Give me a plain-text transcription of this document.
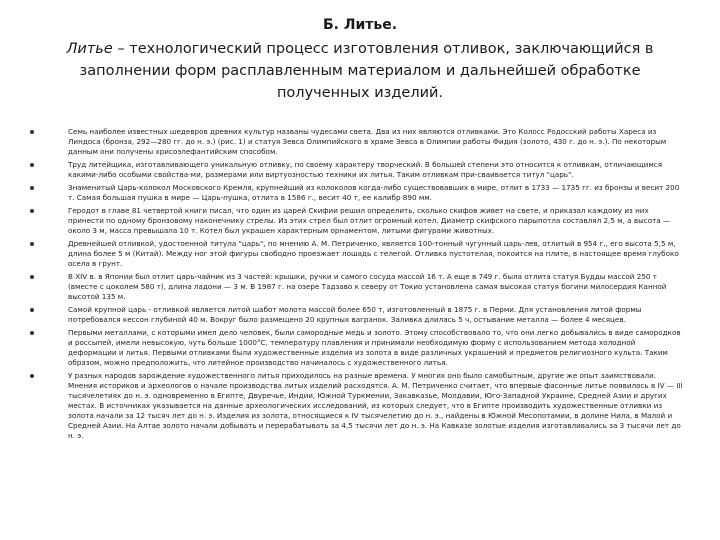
Б. Литье.

Литье – технологический процесс изготовления отливок, заключающийся в заполнении форм расплавленным материалом и дальнейшей обработке полученных изделий.

Семь наиболее известных шедевров древних культур названы чудесами света. Два из них являются отливками. Это Колосс Родосский работы Хареса из Линдоса (бронза, 292—280 гг. до н. э.) (рис. 1) и статуя Зевса Олимпийского в храме Зевса в Олимпии работы Фидия (золото, 430 г. до н. э.). По некоторым данным они получены хрисоэлефантийским способом.
Труд литейщика, изготавливающего уникальную отливку, по своему характеру творческий. В большей степени это относится к отливкам, отличающимся какими-либо особыми свойства-ми, размерами или виртуозностью техники их литья. Таким отливкам при-сваивается титул "царь".
Знаменитый Царь-колокол Московского Кремля, крупнейший из колоколов когда-либо существовавших в мире, отлит в 1733 — 1735 гг. из бронзы и весит 200 т. Самая большая пушка в мире — Царь-пушка, отлита в 1586 г., весит 40 т, ее калибр 890 мм.
Геродот в главе 81 четвертой книги писал, что один из царей Скифии решил определить, сколько скифов живет на свете, и приказал каждому из них принести по одному бронзовому наконечнику стрелы. Из этих стрел был отлит огромный котел. Диаметр скифского парыпотла составлял 2,5 м, а высота — около 3 м, масса превышала 10 т. Котел был украшен характерным орнаментом, литыми фигурами животных.
Древнейшей отливкой, удостоенной титула "царь", по мнению А. М. Петриченко, является 100-тонный чугунный царь-лев, отлитый в 954 г., его высота 5,5 м, длина более 5 м (Китай). Между ног этой фигуры свободно проезжает лошадь с телегой. Отливка пустотелая, покоится на плите, в настоящее время глубоко осела в грунт.
В XIV в. в Японии был отлит царь-чайник из 3 частей: крышки, ручки и самого сосуда массой 16 т. А еще в 749 г. была отлита статуя Будды массой 250 т (вместе с цоколем 580 т), длина ладони — 3 м. В 1987 г. на озере Тадзаво к северу от Токио установлена самая высокая статуя богини милосердия Канной высотой 135 м.
Самой крупной царь - отливкой является литой шабот молота массой более 650 т, изготовленный в 1875 г. в Перми. Для установления литой формы потребовался кессон глубиной 40 м. Вокруг было размещено 20 крупных вагранок. Заливка длилась 5 ч, остывание металла — более 4 месяцев.
Первыми металлами, с которыми имел дело человек, были самородные медь и золото. Этому способствовало то, что они легко добывались в виде самородков и россыпей, имели невысокую, чуть больше 1000°С, температуру плавления и принимали необходимую форму с использованием метода холодной деформации и литья. Первыми отливками были художественные изделия из золота в виде различных украшений и предметов религиозного культа. Таким образом, можно предположить, что литейное производство начиналось с художественного литья.
У разных народов зарождение художественного литья приходилось на разные времена. У многих оно было самобытным, другие же опыт заимствовали. Мнения историков и археологов о начале производства литых изделий расходятся. А. М. Петриченко считает, что впервые фасонные литье появилось в IV — III тысячелетиях до н. э. одновременно в Египте, Двуречье, Индии, Южной Туркмении, Закавказье, Молдавии, Юго-Западной Украине, Средней Азии и других местах. В источниках указывается на данные археологических исследований, из которых следует, что в Египте производить художественные отливки из золота начали за 12 тысяч лет до н. э. Изделия из золота, относящиеся к IV тысячелетию до н. э., найдены в Южной Месопотамии, в долине Нила, в Малой и Средней Азии. На Алтае золото начали добывать и перерабатывать за 4,5 тысячи лет до н. э. На Кавказе золотые изделия изготавливались за 3 тысячи лет до н. э.
